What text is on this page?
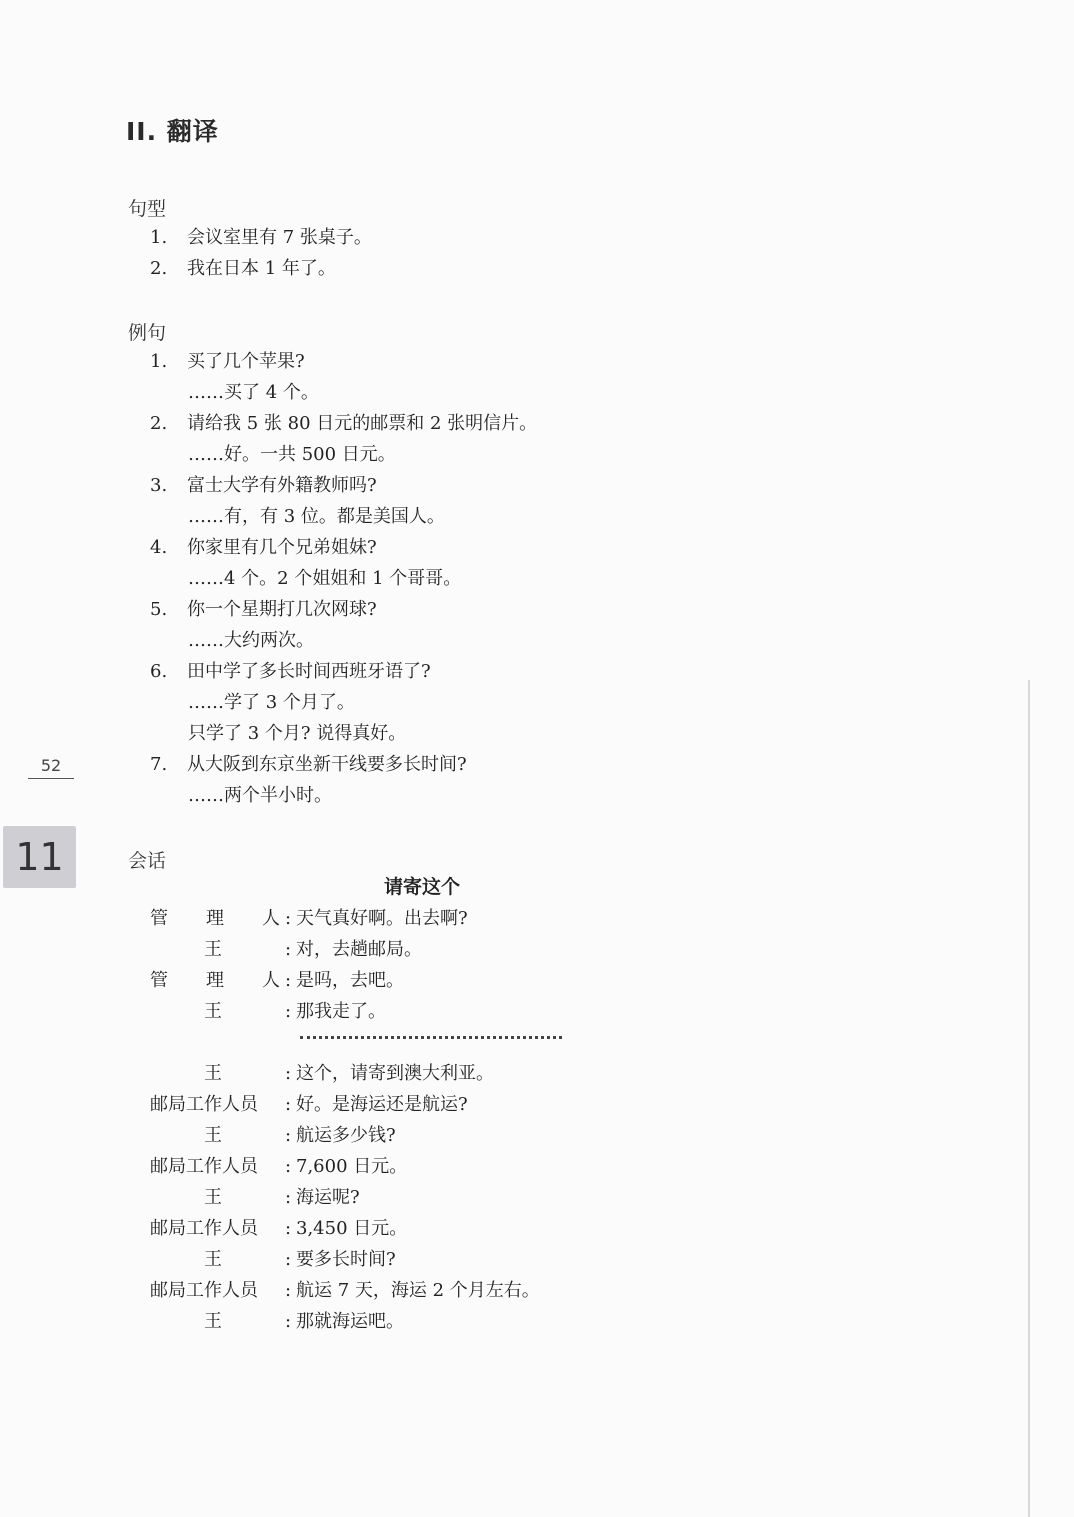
II. 翻译
句型
1. 会议室里有 7 张桌子。
2. 我在日本 1 年了。
例句
1. 买了几个苹果?
……买了 4 个。
2. 请给我 5 张 80 日元的邮票和 2 张明信片。
……好。一共 500 日元。
3. 富士大学有外籍教师吗?
……有，有 3 位。都是美国人。
4. 你家里有几个兄弟姐妹?
……4 个。2 个姐姐和 1 个哥哥。
5. 你一个星期打几次网球?
……大约两次。
6. 田中学了多长时间西班牙语了?
……学了 3 个月了。
只学了 3 个月? 说得真好。
7. 从大阪到东京坐新干线要多长时间?
……两个半小时。
52
11	会话
请寄这个
管理人 : 天气真好啊。出去啊?
王	: 对，去趟邮局。
管理人 : 是吗，去吧。
王	: 那我走了。
王	: 这个，请寄到澳大利亚。
邮局工作人员 : 好。是海运还是航运?
王	: 航运多少钱?
邮局工作人员 : 7,600 日元。
王	: 海运呢?
邮局工作人员 : 3,450 日元。
王	: 要多长时间?
邮局工作人员 : 航运 7 天，海运 2 个月左右。
王	: 那就海运吧。
